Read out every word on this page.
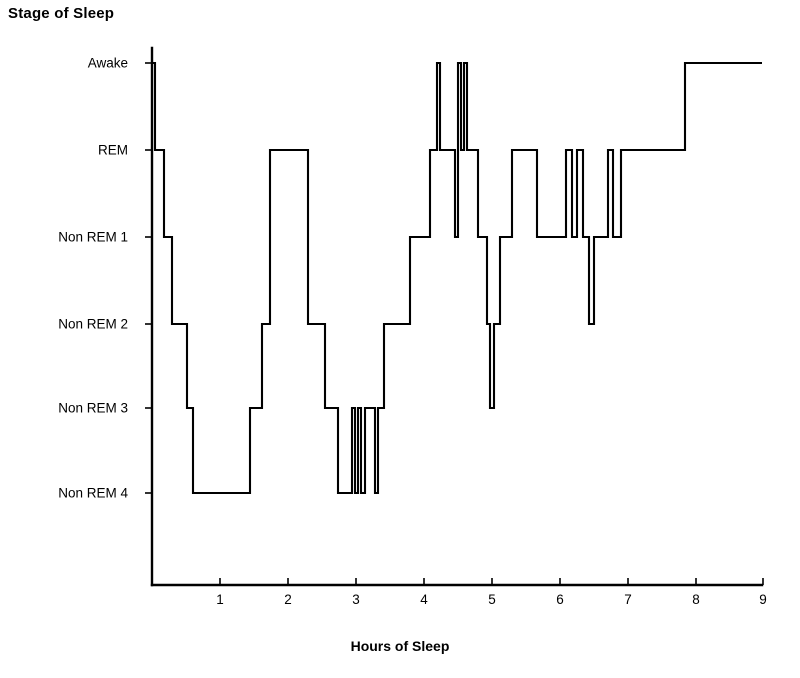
Stage of Sleep
Awake
REM
Non REM 1
Non REM 2
Non REM 3
Non REM 4
1	2	3	4	5	6	7	8	9
Hours of Sleep
